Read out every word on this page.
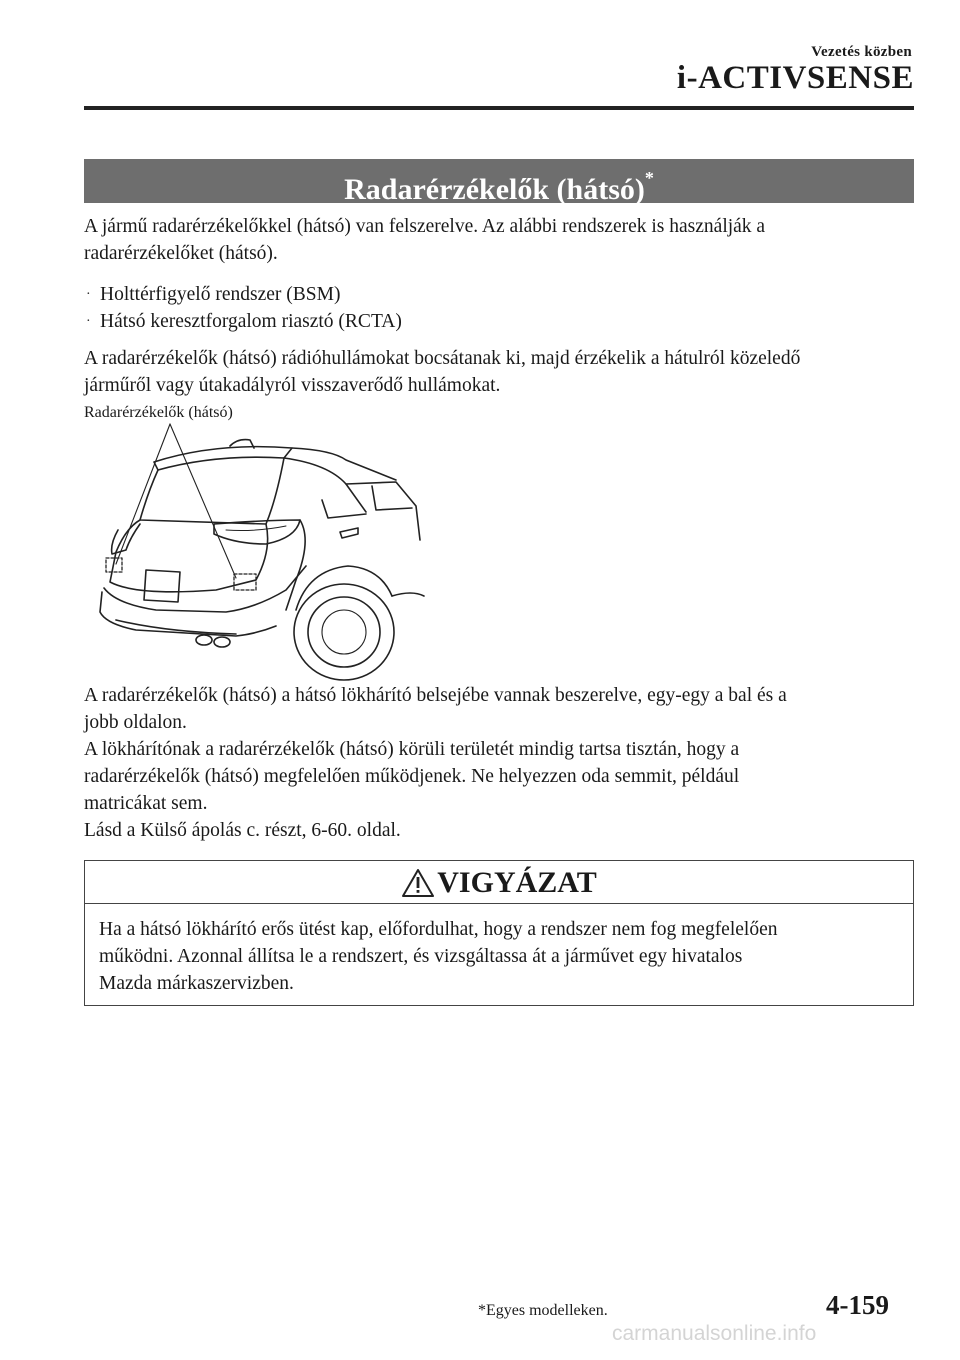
Vezetés közben
i-ACTIVSENSE
Radarérzékelők (hátsó)*
A jármű radarérzékelőkkel (hátsó) van felszerelve. Az alábbi rendszerek is használják a
radarérzékelőket (hátsó).
· Holttérfigyelő rendszer (BSM)
· Hátsó keresztforgalom riasztó (RCTA)
A radarérzékelők (hátsó) rádióhullámokat bocsátanak ki, majd érzékelik a hátulról közeledő
járműről vagy útakadályról visszaverődő hullámokat.
Radarérzékelők (hátsó)
A radarérzékelők (hátsó) a hátsó lökhárító belsejébe vannak beszerelve, egy-egy a bal és a
jobb oldalon.
A lökhárítónak a radarérzékelők (hátsó) körüli területét mindig tartsa tisztán, hogy a
radarérzékelők (hátsó) megfelelően működjenek. Ne helyezzen oda semmit, például
matricákat sem.
Lásd a Külső ápolás c. részt, 6-60. oldal.
VIGYÁZAT
Ha a hátsó lökhárító erős ütést kap, előfordulhat, hogy a rendszer nem fog megfelelően
működni. Azonnal állítsa le a rendszert, és vizsgáltassa át a járművet egy hivatalos
Mazda márkaszervizben.
*Egyes modelleken.	4-159
carmanualsonline.info
